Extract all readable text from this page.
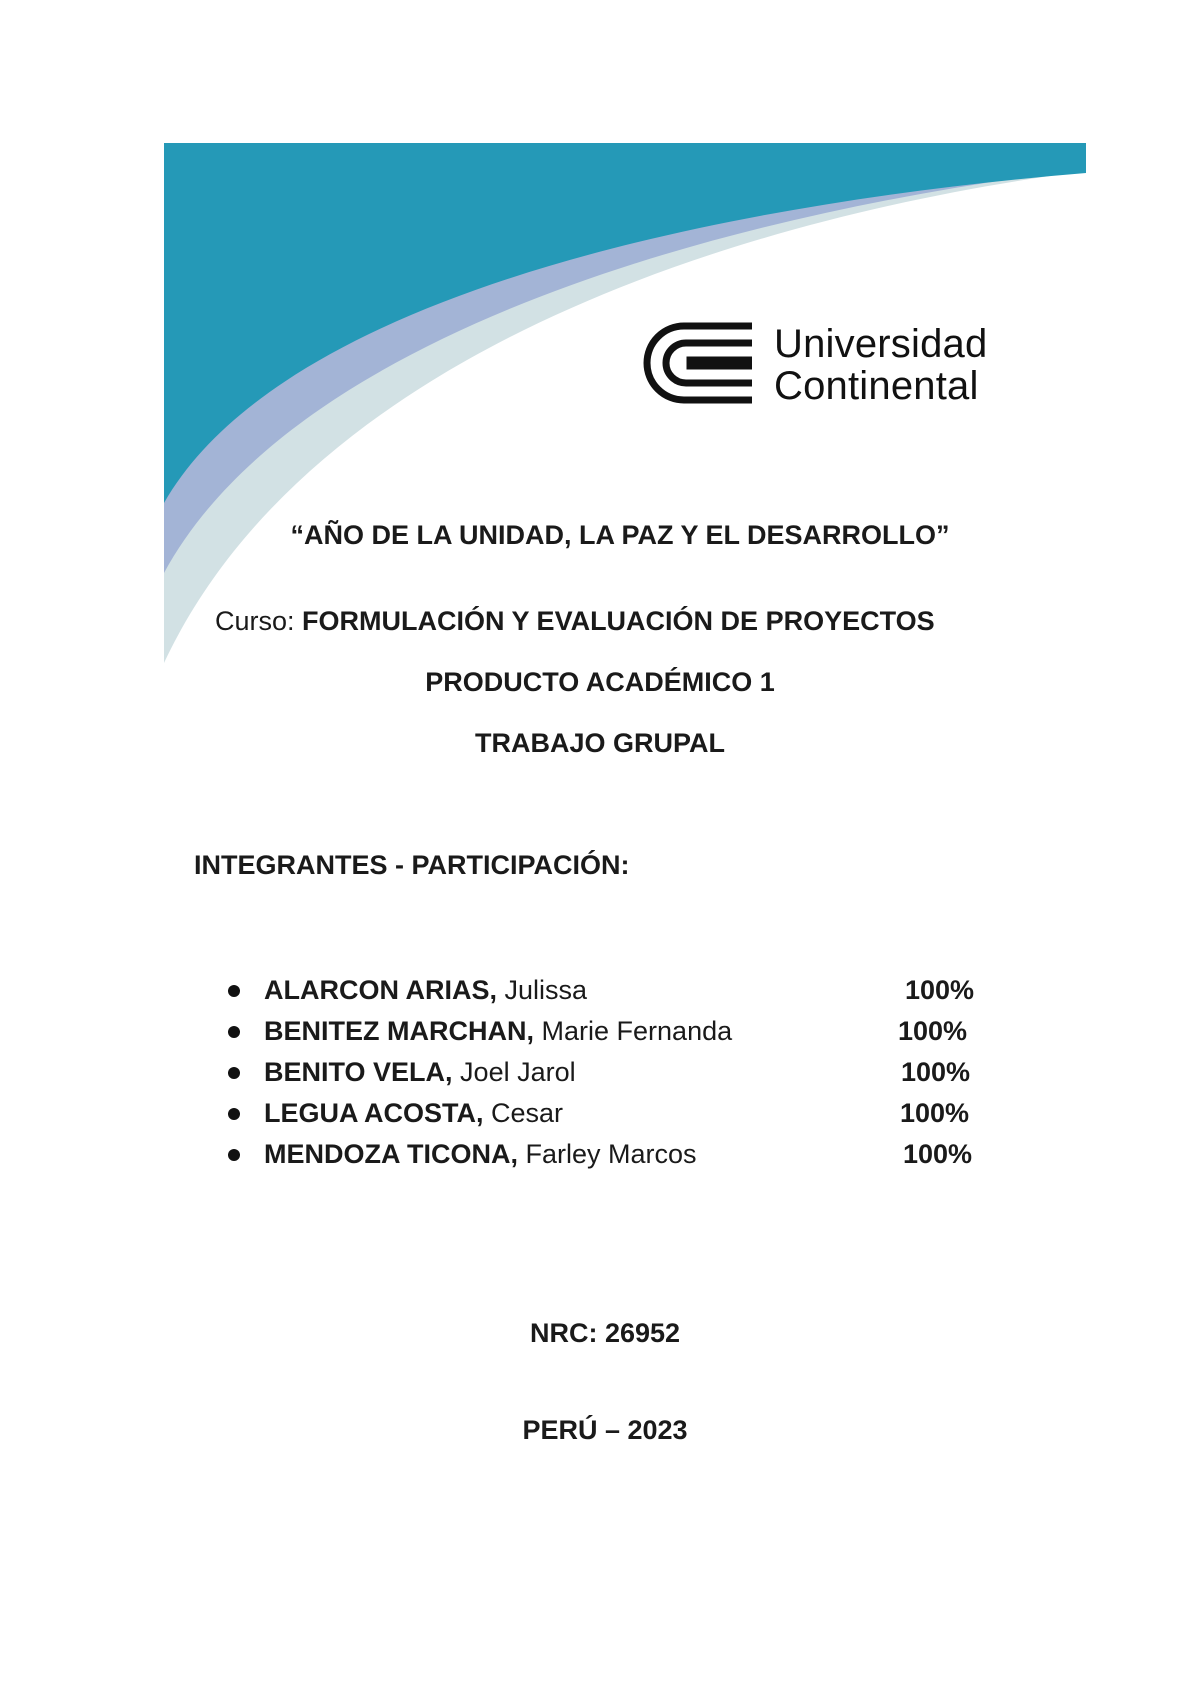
Universidad
Continental
“AÑO DE LA UNIDAD, LA PAZ Y EL DESARROLLO”
Curso: FORMULACIÓN Y EVALUACIÓN DE PROYECTOS
PRODUCTO ACADÉMICO 1
TRABAJO GRUPAL
INTEGRANTES - PARTICIPACIÓN:
ALARCON ARIAS, Julissa	100%
BENITEZ MARCHAN, Marie Fernanda	100%
BENITO VELA, Joel Jarol	100%
LEGUA ACOSTA, Cesar	100%
MENDOZA TICONA, Farley Marcos	100%
NRC: 26952
PERÚ – 2023
